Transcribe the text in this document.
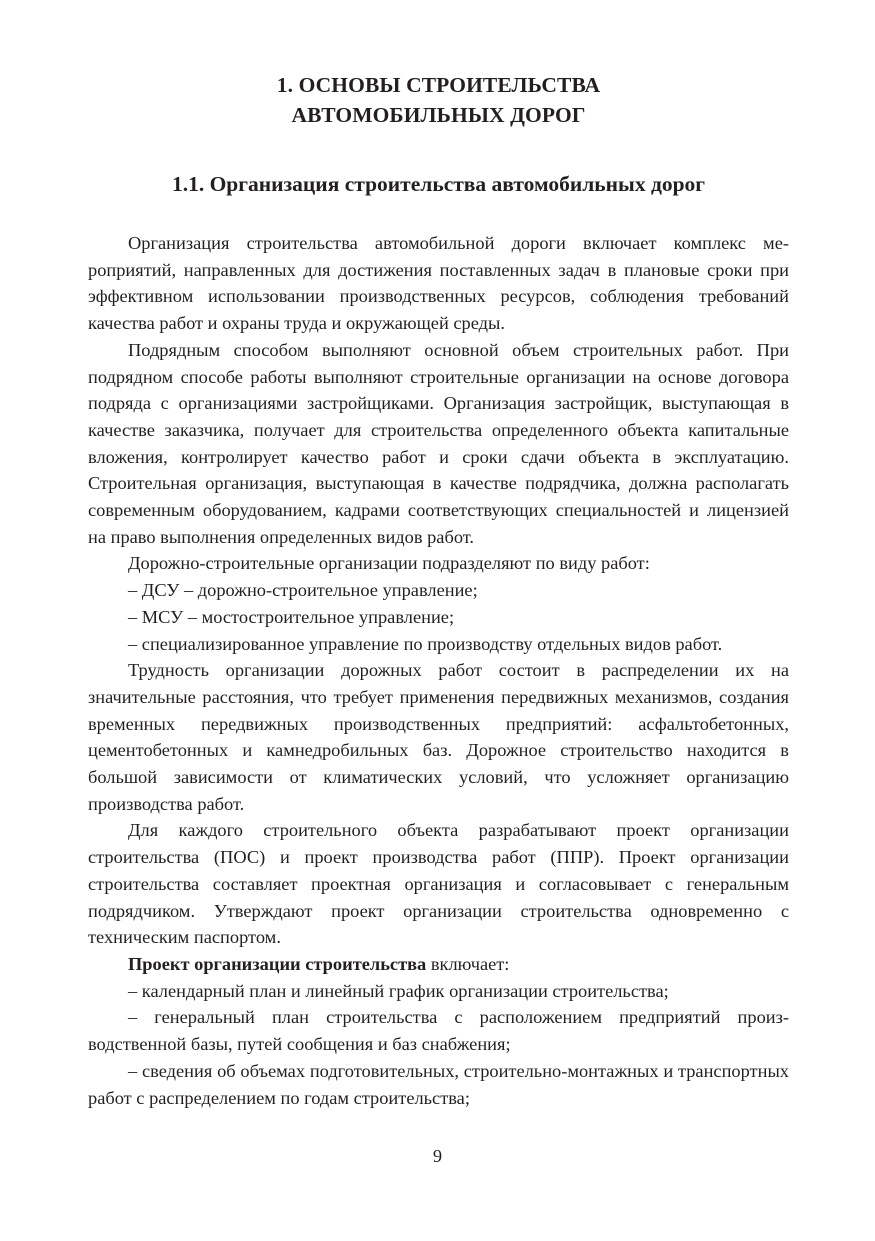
1. ОСНОВЫ СТРОИТЕЛЬСТВА
АВТОМОБИЛЬНЫХ ДОРОГ
1.1. Организация строительства автомобильных дорог

Организация строительства автомобильной дороги включает комплекс мероприятий, направленных для достижения поставленных задач в плановые сроки при эффективном использовании производственных ресурсов, соблюдения требований качества работ и охраны труда и окружающей среды.

Подрядным способом выполняют основной объем строительных работ. При подрядном способе работы выполняют строительные организации на основе договора подряда с организациями застройщиками. Организация застройщик, выступающая в качестве заказчика, получает для строительства определенного объекта капитальные вложения, контролирует качество работ и сроки сдачи объекта в эксплуатацию. Строительная организация, выступающая в качестве подрядчика, должна располагать современным оборудованием, кадрами соответствующих специальностей и лицензией на право выполнения определенных видов работ.

Дорожно-строительные организации подразделяют по виду работ:

– ДСУ – дорожно-строительное управление;

– МСУ – мостостроительное управление;

– специализированное управление по производству отдельных видов работ.

Трудность организации дорожных работ состоит в распределении их на значительные расстояния, что требует применения передвижных механизмов, создания временных передвижных производственных предприятий: асфальтобетонных, цементобетонных и камнедробильных баз. Дорожное строительство находится в большой зависимости от климатических условий, что усложняет организацию производства работ.

Для каждого строительного объекта разрабатывают проект организации строительства (ПОС) и проект производства работ (ППР). Проект организации строительства составляет проектная организация и согласовывает с генеральным подрядчиком. Утверждают проект организации строительства одновременно с техническим паспортом.

Проект организации строительства включает:

– календарный план и линейный график организации строительства;

– генеральный план строительства с расположением предприятий производственной базы, путей сообщения и баз снабжения;

– сведения об объемах подготовительных, строительно-монтажных и транспортных работ с распределением по годам строительства;

9
